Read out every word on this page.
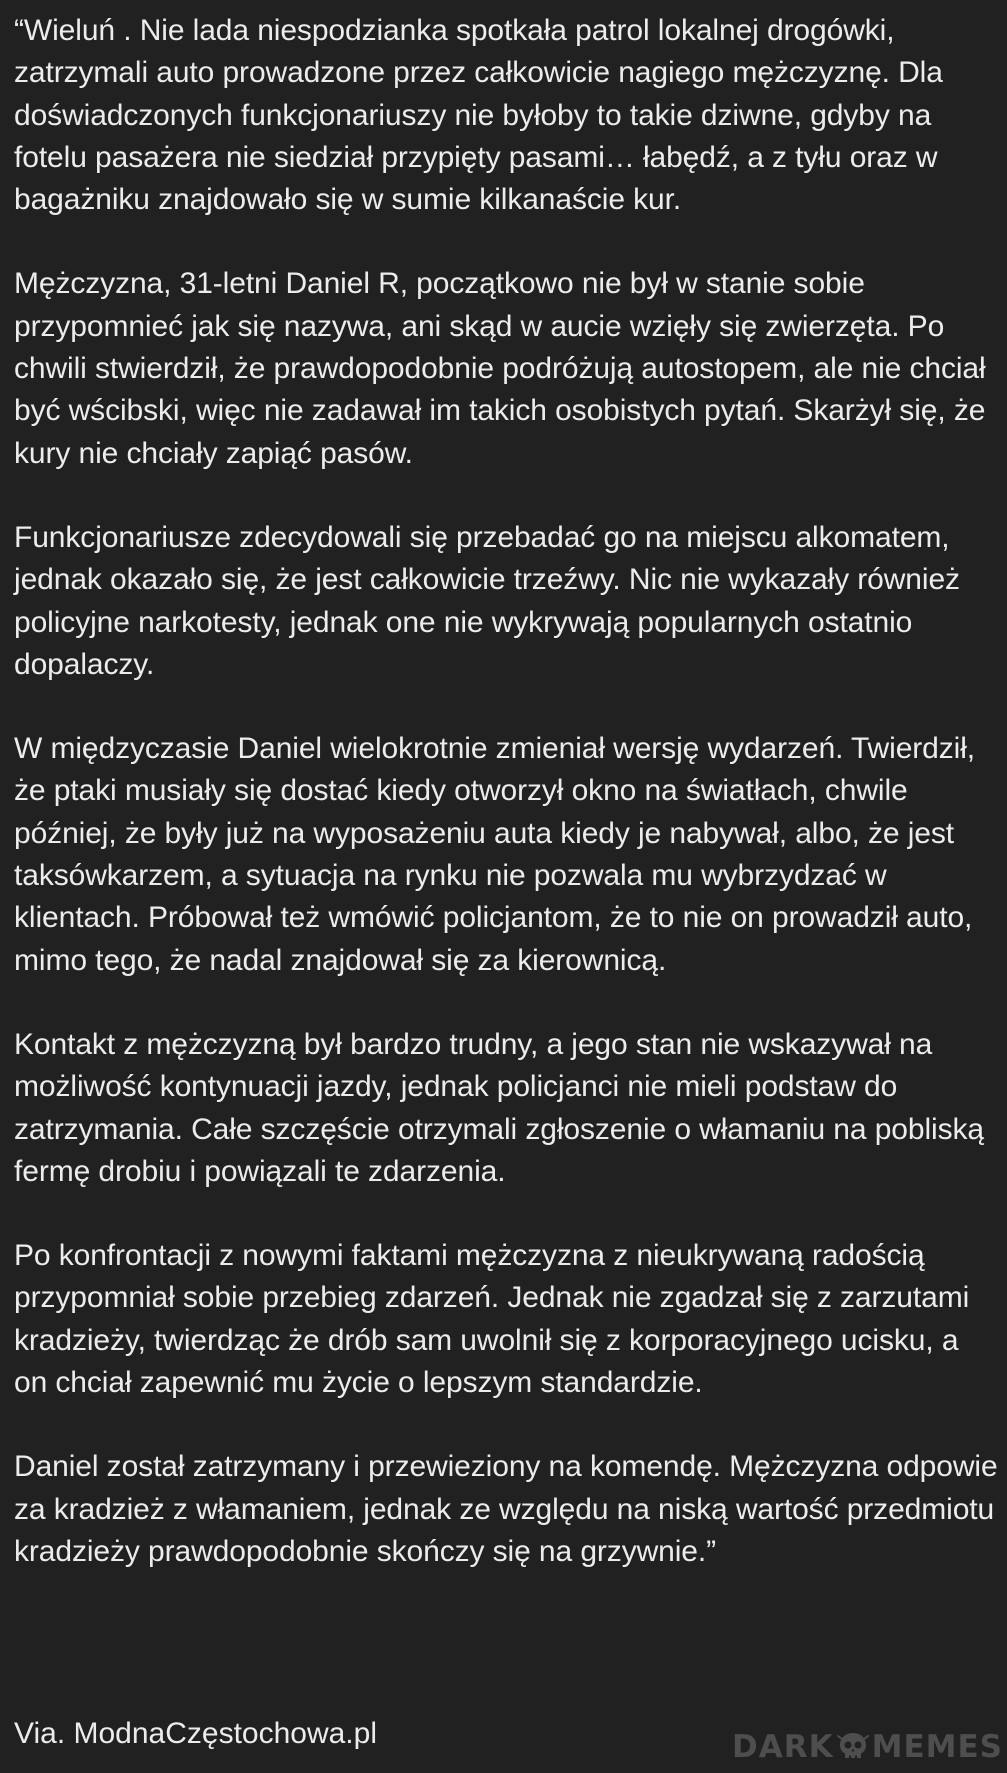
“Wieluń . Nie lada niespodzianka spotkała patrol lokalnej drogówki, zatrzymali auto prowadzone przez całkowicie nagiego mężczyznę. Dla doświadczonych funkcjonariuszy nie byłoby to takie dziwne, gdyby na fotelu pasażera nie siedział przypięty pasami… łabędź, a z tyłu oraz w bagażniku znajdowało się w sumie kilkanaście kur.

Mężczyzna, 31-letni Daniel R, początkowo nie był w stanie sobie przypomnieć jak się nazywa, ani skąd w aucie wzięły się zwierzęta. Po chwili stwierdził, że prawdopodobnie podróżują autostopem, ale nie chciał być wścibski, więc nie zadawał im takich osobistych pytań. Skarżył się, że kury nie chciały zapiąć pasów.

Funkcjonariusze zdecydowali się przebadać go na miejscu alkomatem, jednak okazało się, że jest całkowicie trzeźwy. Nic nie wykazały również policyjne narkotesty, jednak one nie wykrywają popularnych ostatnio dopalaczy.

W międzyczasie Daniel wielokrotnie zmieniał wersję wydarzeń. Twierdził, że ptaki musiały się dostać kiedy otworzył okno na światłach, chwile później, że były już na wyposażeniu auta kiedy je nabywał, albo, że jest taksówkarzem, a sytuacja na rynku nie pozwala mu wybrzydzać w klientach. Próbował też wmówić policjantom, że to nie on prowadził auto, mimo tego, że nadal znajdował się za kierownicą.

Kontakt z mężczyzną był bardzo trudny, a jego stan nie wskazywał na możliwość kontynuacji jazdy, jednak policjanci nie mieli podstaw do zatrzymania. Całe szczęście otrzymali zgłoszenie o włamaniu na pobliską fermę drobiu i powiązali te zdarzenia.

Po konfrontacji z nowymi faktami mężczyzna z nieukrywaną radością przypomniał sobie przebieg zdarzeń. Jednak nie zgadzał się z zarzutami kradzieży, twierdząc że drób sam uwolnił się z korporacyjnego ucisku, a on chciał zapewnić mu życie o lepszym standardzie.

Daniel został zatrzymany i przewieziony na komendę. Mężczyzna odpowie za kradzież z włamaniem, jednak ze względu na niską wartość przedmiotu kradzieży prawdopodobnie skończy się na grzywnie.”

Via. ModnaCzęstochowa.pl	DARK MEMES
